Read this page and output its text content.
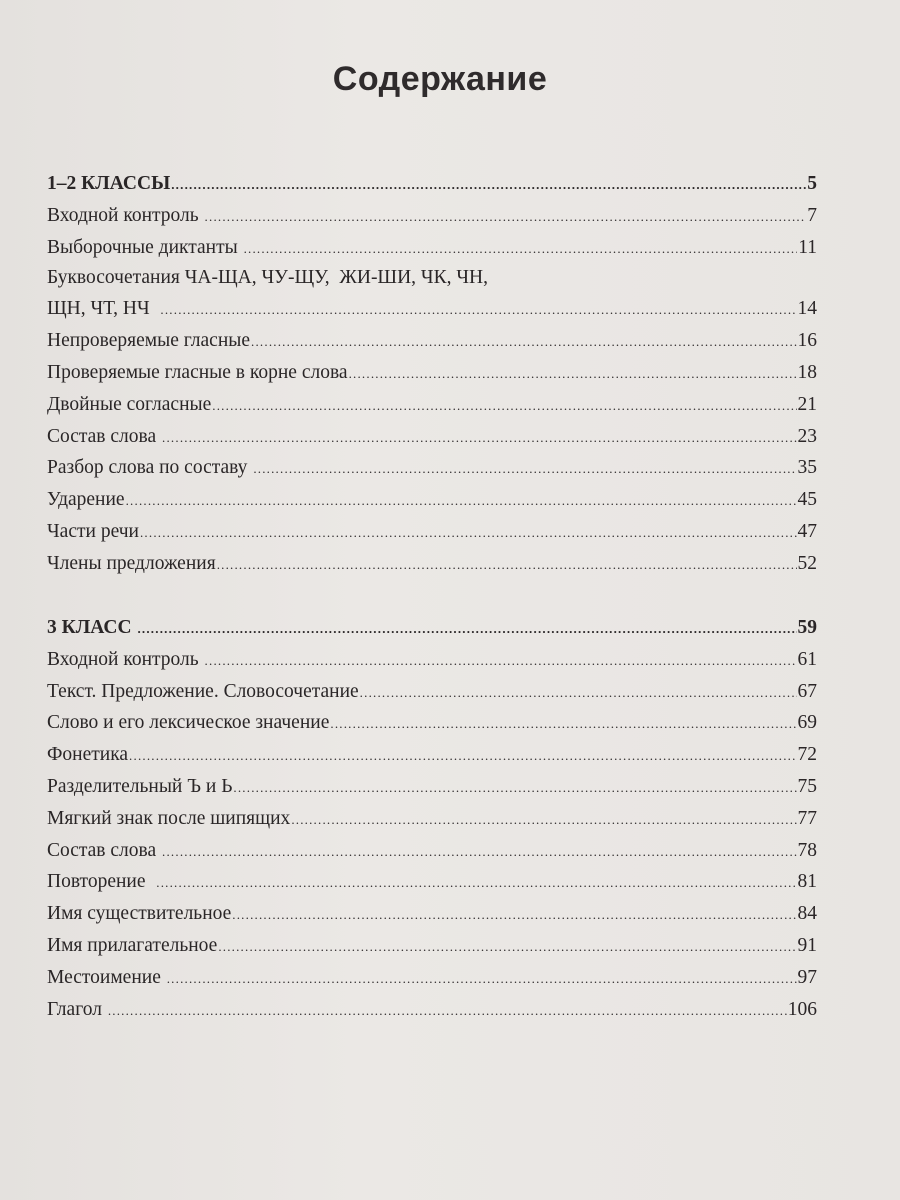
Содержание
1–2 КЛАССЫ .....	5
Входной контроль .....	7
Выборочные диктанты .....	11
Буквосочетания ЧА-ЩА, ЧУ-ЩУ,  ЖИ-ШИ, ЧК, ЧН,
ЩН, ЧТ, НЧ .....	14
Непроверяемые гласные .....	16
Проверяемые гласные в корне слова .....	18
Двойные согласные .....	21
Состав слова .....	23
Разбор слова по составу .....	35
Ударение .....	45
Части речи .....	47
Члены предложения .....	52
3 КЛАСС .....	59
Входной контроль .....	61
Текст. Предложение. Словосочетание .....	67
Слово и его лексическое значение .....	69
Фонетика .....	72
Разделительный Ъ и Ь .....	75
Мягкий знак после шипящих .....	77
Состав слова .....	78
Повторение .....	81
Имя существительное .....	84
Имя прилагательное .....	91
Местоимение .....	97
Глагол .....	106
